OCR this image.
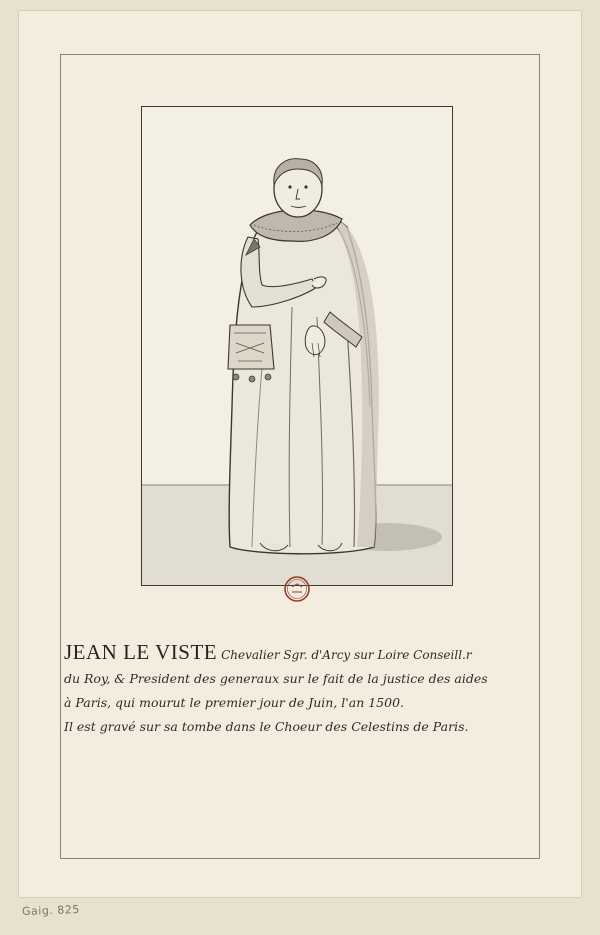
JEAN LE VISTE Chevalier Sgr. d'Arcy sur Loire Conseill.r
du Roy, & President des generaux sur le fait de la justice des aides
à Paris, qui mourut le premier jour de Juin, l'an 1500.
Il est gravé sur sa tombe dans le Choeur des Celestins de Paris.
Gaig. 825
